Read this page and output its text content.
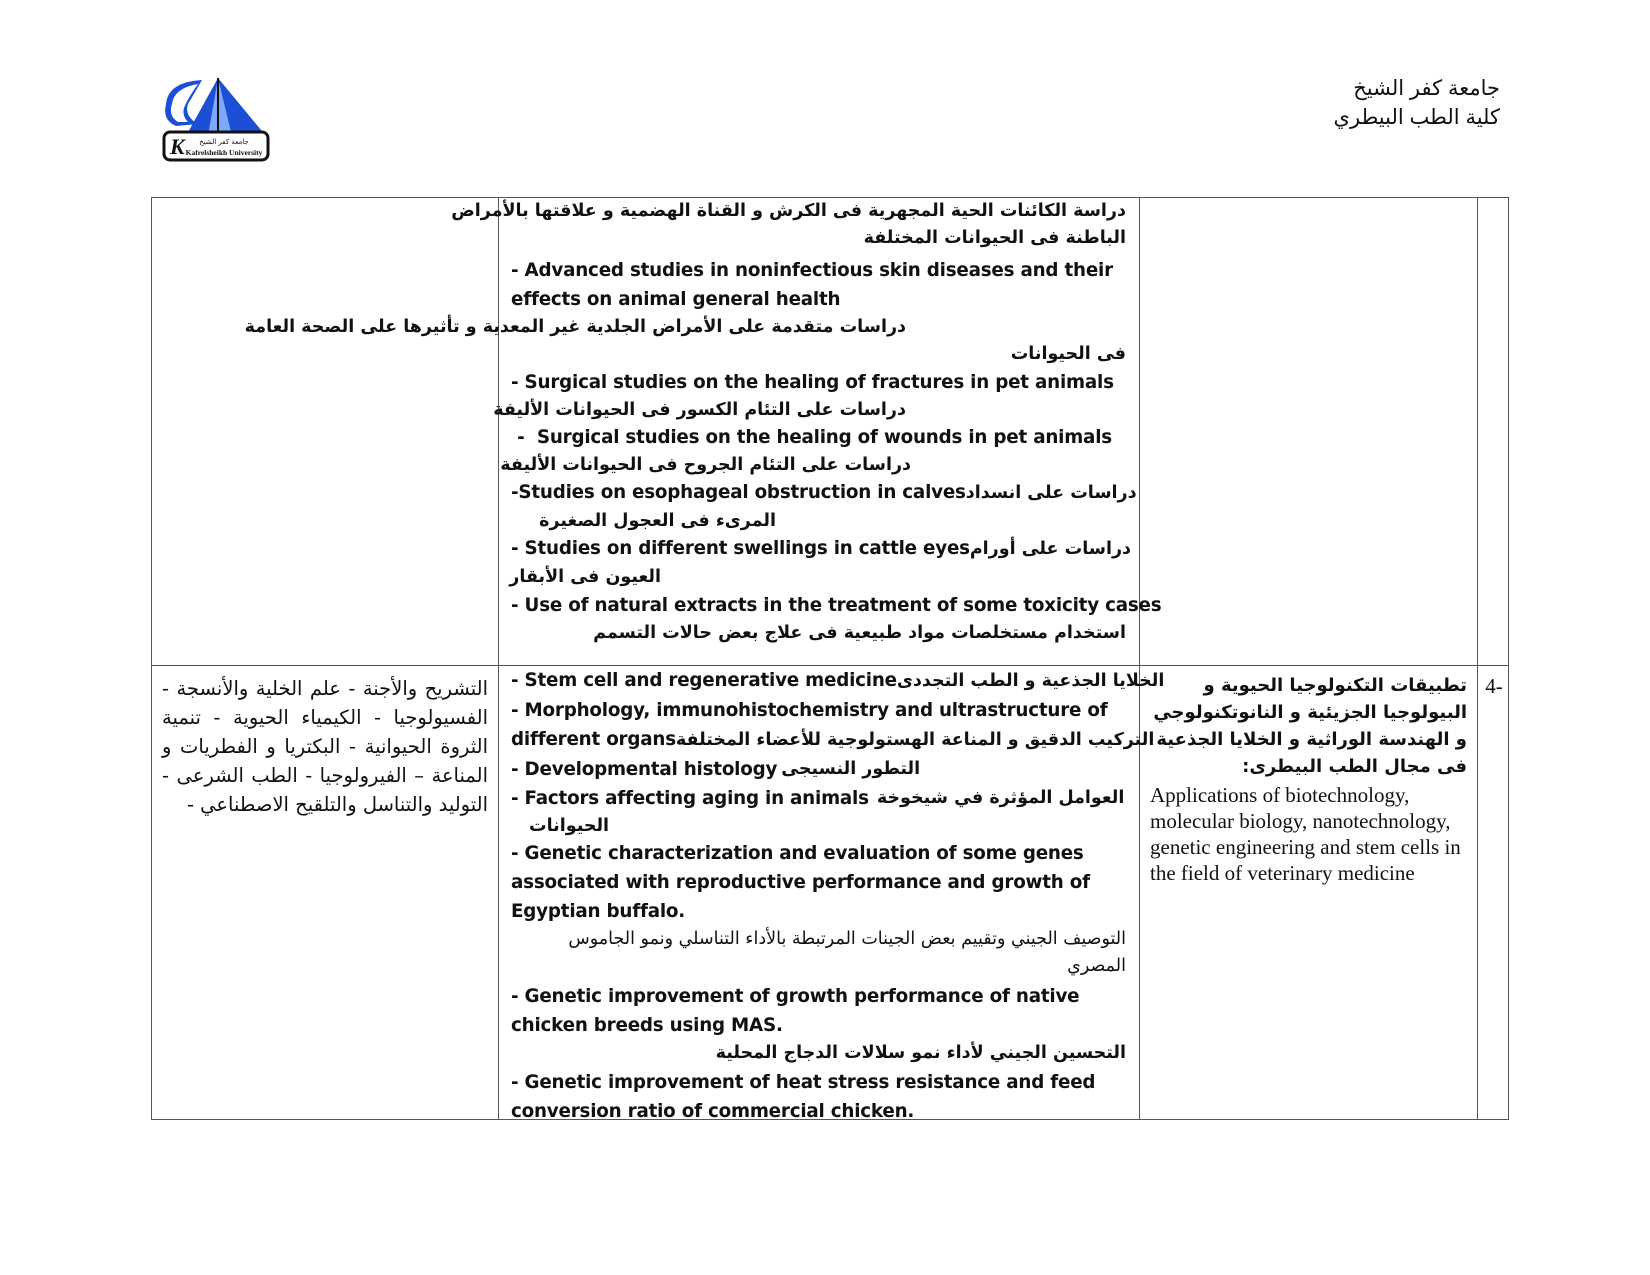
جامعة كفر الشيخ
كلية الطب البيطري
K جامعة كفر الشيخ
Kafrelsheikh University
دراسة الكائنات الحية المجهرية فى الكرش و القناة الهضمية و علاقتها بالأمراض
الباطنة فى الحيوانات المختلفة
- Advanced studies in noninfectious skin diseases and their
effects on animal general health
دراسات متقدمة على الأمراض الجلدية غير المعدية و تأثيرها على الصحة العامة
فى الحيوانات
- Surgical studies on the healing of fractures in pet animals
دراسات على التئام الكسور فى الحيوانات الأليفة
-  Surgical studies on the healing of wounds in pet animals
دراسات على التئام الجروح فى الحيوانات الأليفة
-Studies on esophageal obstruction in calves دراسات على انسداد
المرىء فى العجول الصغيرة
- Studies on different swellings in cattle eyes دراسات على أورام
العيون فى الأبقار
- Use of natural extracts in the treatment of some toxicity cases
استخدام مستخلصات مواد طبيعية فى علاج بعض حالات التسمم
التشريح والأجنة - علم الخلية والأنسجة - الفسيولوجيا - الكيمياء الحيوية - تنمية الثروة الحيوانية - البكتريا و الفطريات و المناعة – الفيرولوجيا - الطب الشرعى - التوليد والتناسل والتلقيح الاصطناعي -
- Stem cell and regenerative medicine الخلايا الجذعية و الطب التجددى
- Morphology, immunohistochemistry and ultrastructure of
different organs التركيب الدقيق و المناعة الهستولوجية للأعضاء المختلفة
- Developmental histology التطور النسيجى
- Factors affecting aging in animals العوامل المؤثرة في شيخوخة
الحيوانات
- Genetic characterization and evaluation of some genes
associated with reproductive performance and growth of
Egyptian buffalo.
التوصيف الجيني وتقييم بعض الجينات المرتبطة بالأداء التناسلي ونمو الجاموس
المصري
- Genetic improvement of growth performance of native
chicken breeds using MAS.
التحسين الجيني لأداء نمو سلالات الدجاج المحلية
- Genetic improvement of heat stress resistance and feed
conversion ratio of commercial chicken.
تطبيقات التكنولوجيا الحيوية و البيولوجيا الجزيئية و النانوتكنولوجي و الهندسة الوراثية و الخلايا الجذعية فى مجال الطب البيطرى:
Applications of biotechnology, molecular biology, nanotechnology, genetic engineering and stem cells in the field of veterinary medicine
4-
